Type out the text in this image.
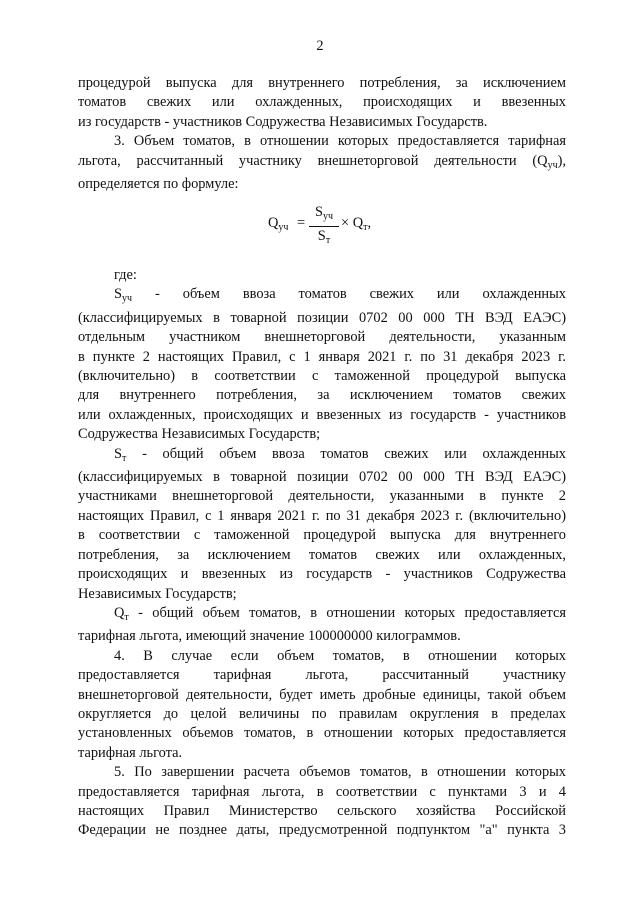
2
процедурой выпуска для внутреннего потребления, за исключением
томатов свежих или охлажденных, происходящих и ввезенных
из государств - участников Содружества Независимых Государств.
3. Объем томатов, в отношении которых предоставляется тарифная
льгота, рассчитанный участнику внешнеторговой деятельности $(Q_{уч})$,
определяется по формуле:
$Q_{уч}$ =
$S_{уч}$
$S_т$
× $Q_т$,
где:
$S_{уч}$ - объем ввоза томатов свежих или охлажденных
(классифицируемых в товарной позиции 0702 00 000 ТН ВЭД ЕАЭС)
отдельным участником внешнеторговой деятельности, указанным
в пункте 2 настоящих Правил, с 1 января 2021 г. по 31 декабря 2023 г.
(включительно) в соответствии с таможенной процедурой выпуска
для внутреннего потребления, за исключением томатов свежих
или охлажденных, происходящих и ввезенных из государств - участников
Содружества Независимых Государств;
$S_т$ - общий объем ввоза томатов свежих или охлажденных
(классифицируемых в товарной позиции 0702 00 000 ТН ВЭД ЕАЭС)
участниками внешнеторговой деятельности, указанными в пункте 2
настоящих Правил, с 1 января 2021 г. по 31 декабря 2023 г. (включительно)
в соответствии с таможенной процедурой выпуска для внутреннего
потребления, за исключением томатов свежих или охлажденных,
происходящих и ввезенных из государств - участников Содружества
Независимых Государств;
$Q_т$ - общий объем томатов, в отношении которых предоставляется
тарифная льгота, имеющий значение 100000000 килограммов.
4. В случае если объем томатов, в отношении которых
предоставляется тарифная льгота, рассчитанный участнику
внешнеторговой деятельности, будет иметь дробные единицы, такой объем
округляется до целой величины по правилам округления в пределах
установленных объемов томатов, в отношении которых предоставляется
тарифная льгота.
5. По завершении расчета объемов томатов, в отношении которых
предоставляется тарифная льгота, в соответствии с пунктами 3 и 4
настоящих Правил Министерство сельского хозяйства Российской
Федерации не позднее даты, предусмотренной подпунктом "а" пункта 3
